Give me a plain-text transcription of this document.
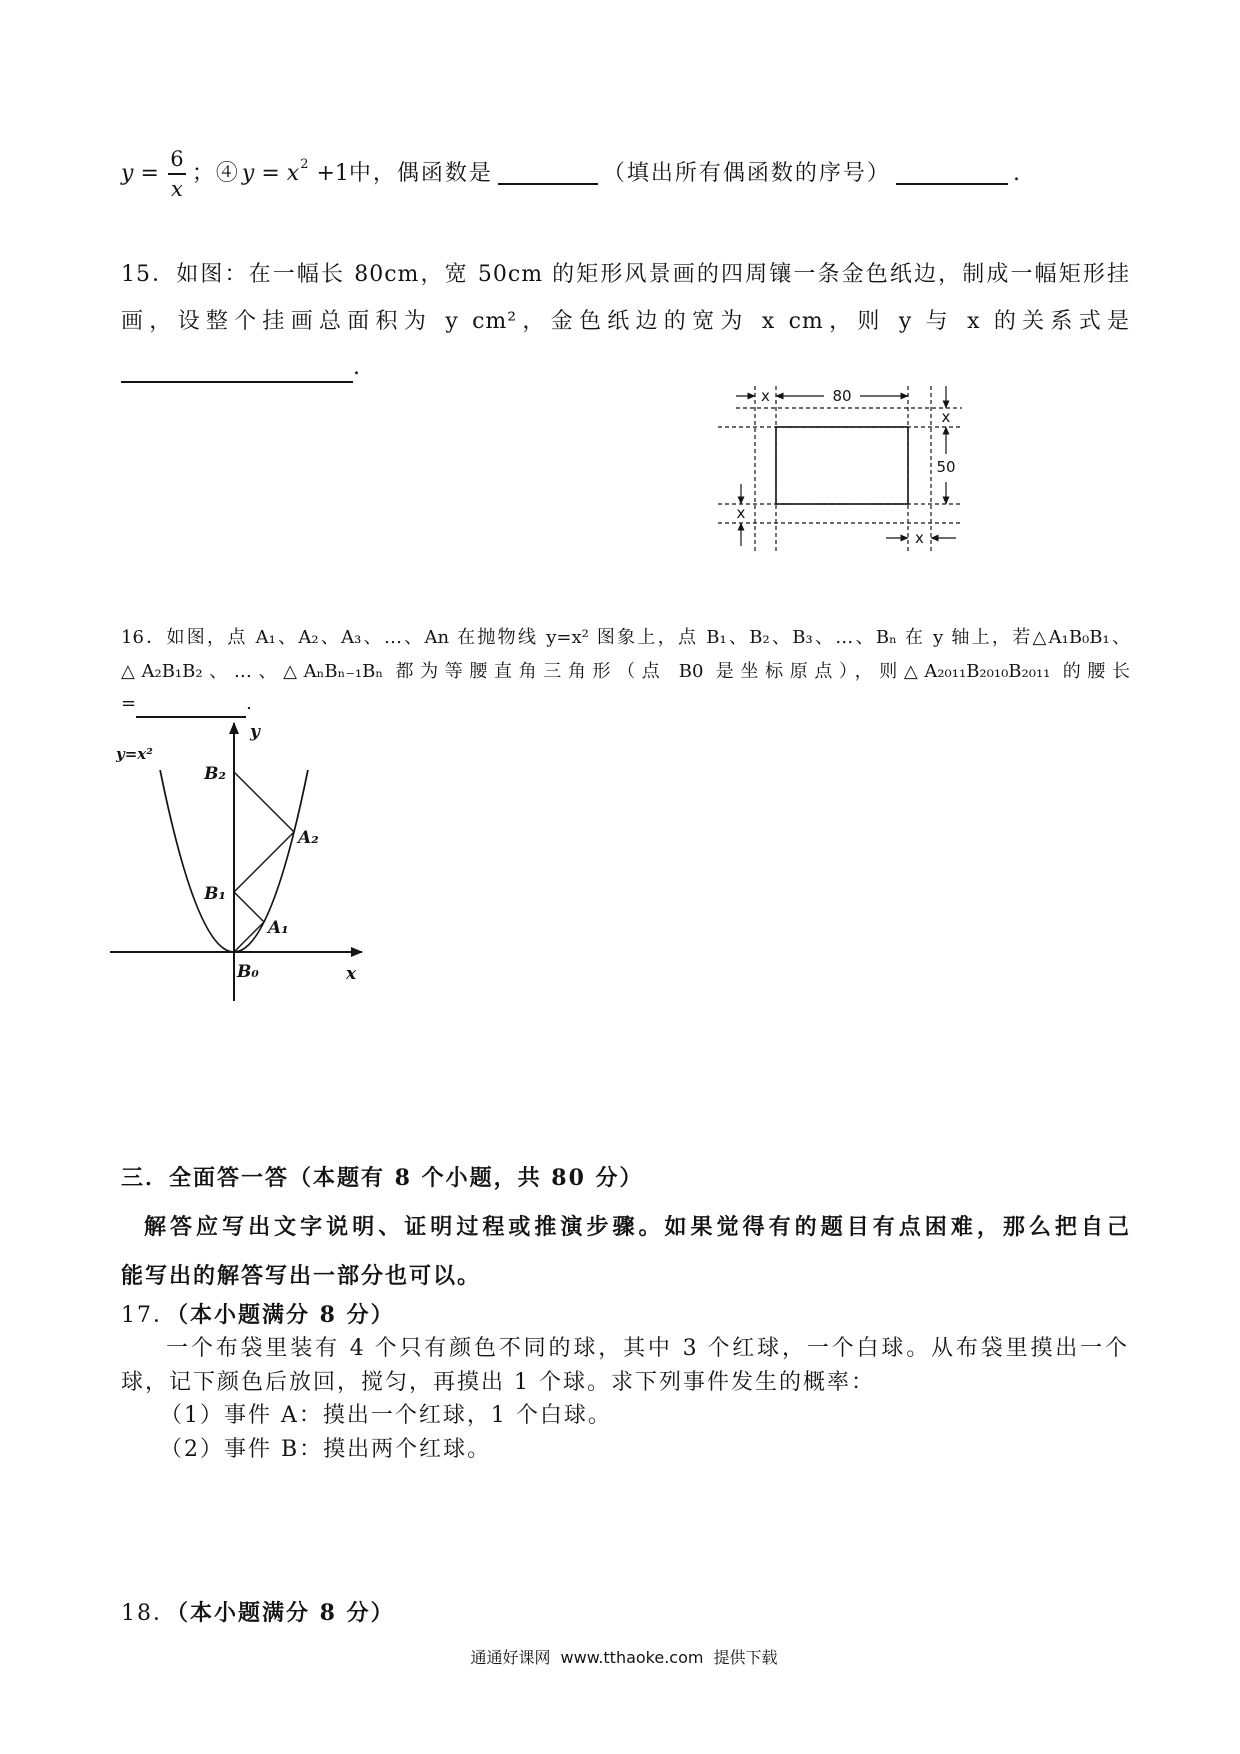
$y = \frac{6}{x}$ ；④ y = x 2 +1 中，偶函数是	（填出所有偶函数的序号）	.
15．如图：在一幅长 80cm，宽 50cm 的矩形风景画的四周镶一条金色纸边，制成一幅矩形挂
画，设整个挂画总面积为 y cm²，金色纸边的宽为 x cm，则 y 与 x 的关系式是
.
x	80
x
50
x
x
16．如图，点 A₁、A₂、A₃、…、An 在抛物线 y=x² 图象上，点 B₁、B₂、B₃、…、Bₙ 在 y 轴上，若△A₁B₀B₁、
△A₂B₁B₂、…、△AₙBₙ₋₁Bₙ 都为等腰直角三角形（点 B0 是坐标原点），则△A₂₀₁₁B₂₀₁₀B₂₀₁₁ 的腰长
=	.
y=x²
y
x
B₂
A₂
B₁
A₁
B₀
三．全面答一答（本题有 8 个小题，共 80 分）
解答应写出文字说明、证明过程或推演步骤。如果觉得有的题目有点困难，那么把自己
能写出的解答写出一部分也可以。
17．（本小题满分 8 分）
一个布袋里装有 4 个只有颜色不同的球，其中 3 个红球，一个白球。从布袋里摸出一个
球，记下颜色后放回，搅匀，再摸出 1 个球。求下列事件发生的概率：
（1）事件 A：摸出一个红球，1 个白球。
（2）事件 B：摸出两个红球。
18．（本小题满分 8 分）
通通好课网 www.tthaoke.com 提供下载
